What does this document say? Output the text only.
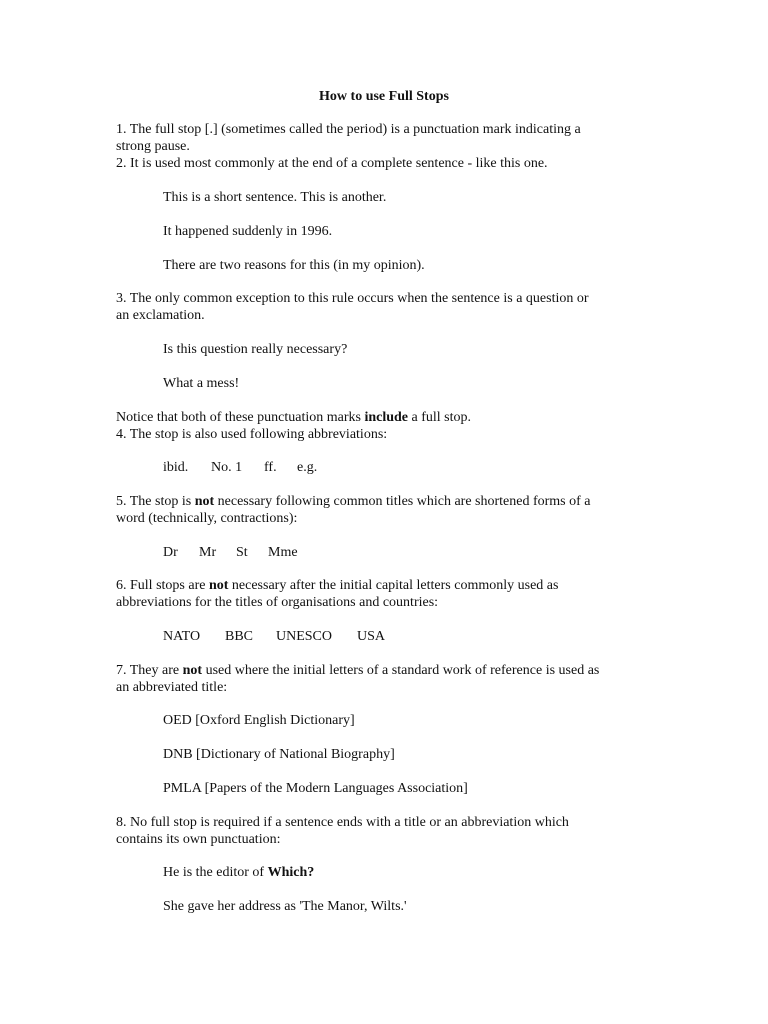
How to use Full Stops
1. The full stop [.] (sometimes called the period) is a punctuation mark indicating a
strong pause.
2. It is used most commonly at the end of a complete sentence - like this one.
This is a short sentence. This is another.
It happened suddenly in 1996.
There are two reasons for this (in my opinion).
3. The only common exception to this rule occurs when the sentence is a question or
an exclamation.
Is this question really necessary?
What a mess!
Notice that both of these punctuation marks include a full stop.
4. The stop is also used following abbreviations:
ibid.	No. 1	ff.	e.g.
5. The stop is not necessary following common titles which are shortened forms of a
word (technically, contractions):
Dr	Mr	St	Mme
6. Full stops are not necessary after the initial capital letters commonly used as
abbreviations for the titles of organisations and countries:
NATO	BBC	UNESCO	USA
7. They are not used where the initial letters of a standard work of reference is used as
an abbreviated title:
OED [Oxford English Dictionary]
DNB [Dictionary of National Biography]
PMLA [Papers of the Modern Languages Association]
8. No full stop is required if a sentence ends with a title or an abbreviation which
contains its own punctuation:
He is the editor of Which?
She gave her address as 'The Manor, Wilts.'
